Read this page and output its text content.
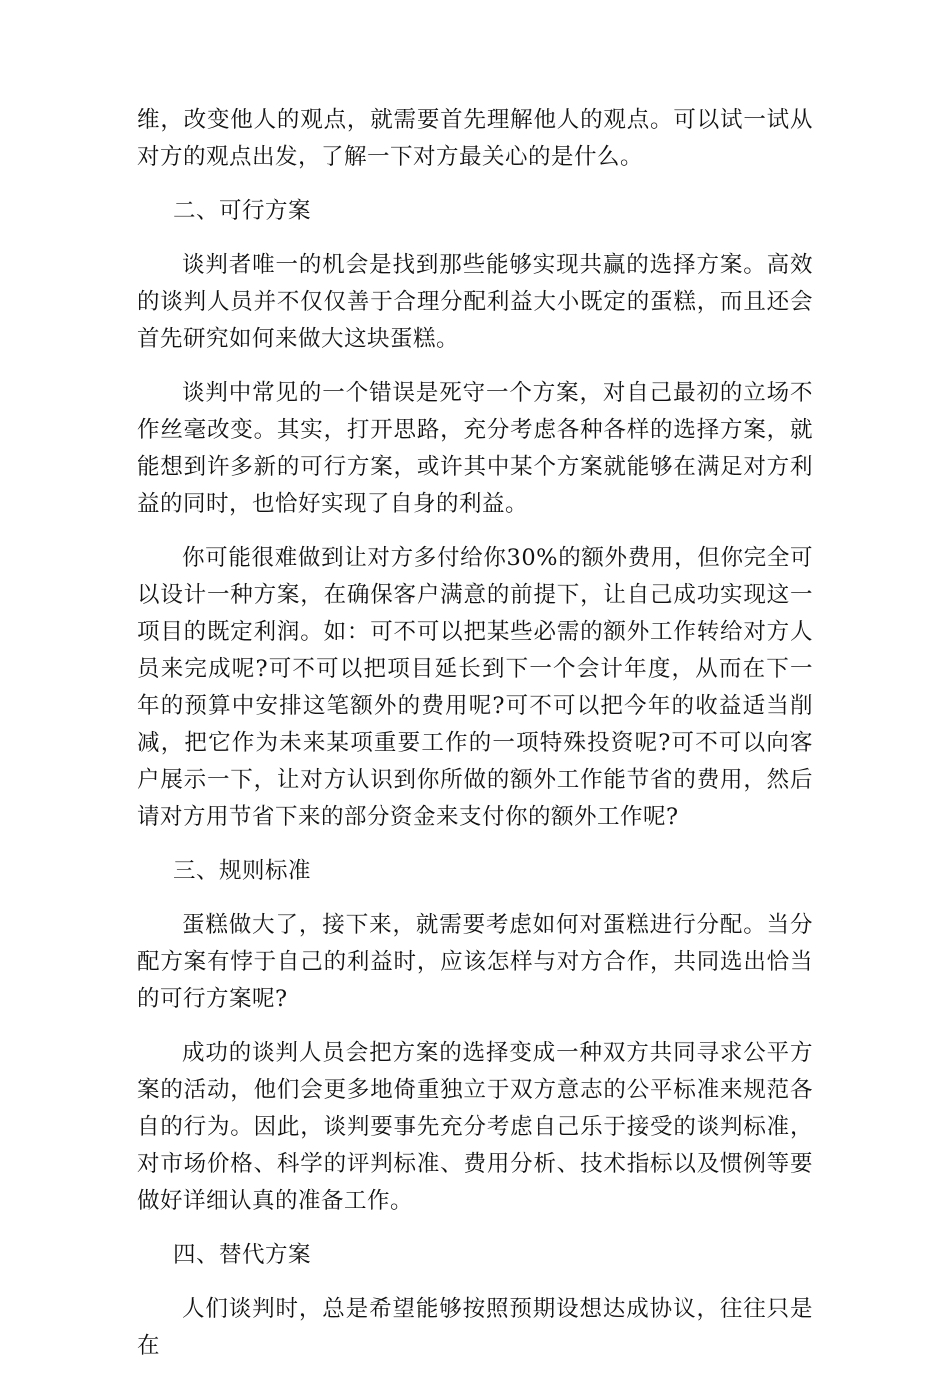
维，改变他人的观点，就需要首先理解他人的观点。可以试一试从对方的观点出发，了解一下对方最关心的是什么。

二、可行方案

谈判者唯一的机会是找到那些能够实现共赢的选择方案。高效的谈判人员并不仅仅善于合理分配利益大小既定的蛋糕，而且还会首先研究如何来做大这块蛋糕。

谈判中常见的一个错误是死守一个方案，对自己最初的立场不作丝毫改变。其实，打开思路，充分考虑各种各样的选择方案，就能想到许多新的可行方案，或许其中某个方案就能够在满足对方利益的同时，也恰好实现了自身的利益。

你可能很难做到让对方多付给你30%的额外费用，但你完全可以设计一种方案，在确保客户满意的前提下，让自己成功实现这一项目的既定利润。如：可不可以把某些必需的额外工作转给对方人员来完成呢?可不可以把项目延长到下一个会计年度，从而在下一年的预算中安排这笔额外的费用呢?可不可以把今年的收益适当削减，把它作为未来某项重要工作的一项特殊投资呢?可不可以向客户展示一下，让对方认识到你所做的额外工作能节省的费用，然后请对方用节省下来的部分资金来支付你的额外工作呢?

三、规则标准

蛋糕做大了，接下来，就需要考虑如何对蛋糕进行分配。当分配方案有悖于自己的利益时，应该怎样与对方合作，共同选出恰当的可行方案呢?

成功的谈判人员会把方案的选择变成一种双方共同寻求公平方案的活动，他们会更多地倚重独立于双方意志的公平标准来规范各自的行为。因此，谈判要事先充分考虑自己乐于接受的谈判标准，对市场价格、科学的评判标准、费用分析、技术指标以及惯例等要做好详细认真的准备工作。

四、替代方案

人们谈判时，总是希望能够按照预期设想达成协议，往往只是在
